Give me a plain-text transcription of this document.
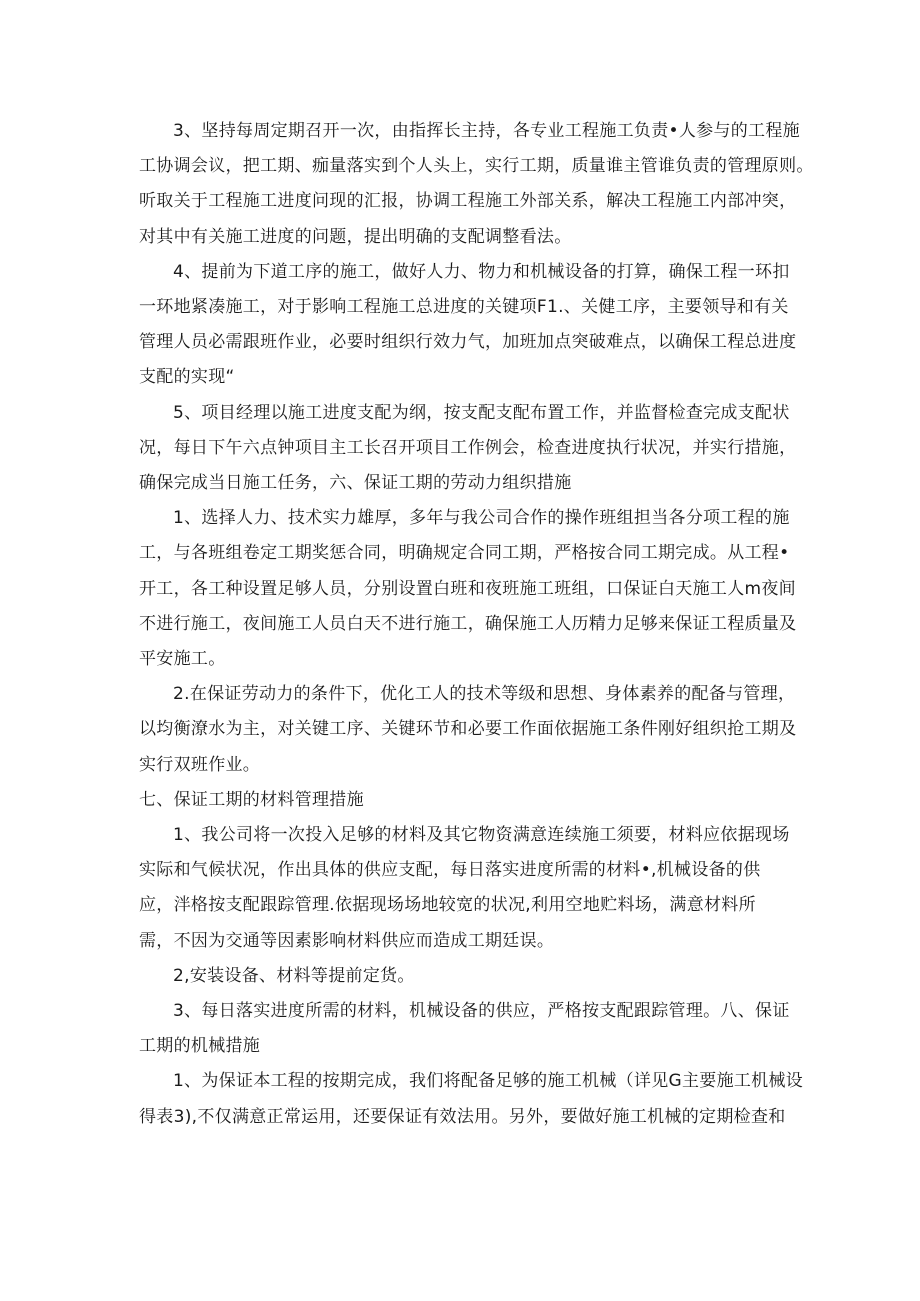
3、坚持每周定期召开一次，由指挥长主持，各专业工程施工负责•人参与的工程施
工协调会议，把工期、痂量落实到个人头上，实行工期，质量谁主管谁负责的管理原则。
听取关于工程施工进度问现的汇报，协调工程施工外部关系，解决工程施工内部冲突，
对其中有关施工进度的问题，提出明确的支配调整看法。

4、提前为下道工序的施工，做好人力、物力和机械设备的打算，确保工程一环扣
一环地紧凑施工，对于影响工程施工总进度的关键项F1.、关健工序，主要领导和有关
管理人员必需跟班作业，必要时组织行效力气，加班加点突破难点，以确保工程总进度
支配的实现“

5、项目经理以施工进度支配为纲，按支配支配布置工作，并监督检查完成支配状
况，每日下午六点钟项目主工长召开项目工作例会，检查进度执行状况，并实行措施，
确保完成当日施工任务，六、保证工期的劳动力组织措施

1、选择人力、技术实力雄厚，多年与我公司合作的操作班组担当各分项工程的施
工，与各班组卷定工期奖惩合同，明确规定合同工期，严格按合同工期完成。从工程•
开工，各工种设置足够人员，分别设置白班和夜班施工班组，口保证白天施工人m夜间
不进行施工，夜间施工人员白天不进行施工，确保施工人历精力足够来保证工程质量及
平安施工。

2.在保证劳动力的条件下，优化工人的技术等级和思想、身体素养的配备与管理，
以均衡潦水为主，对关键工序、关键环节和必要工作面依据施工条件刚好组织抢工期及
实行双班作业。

七、保证工期的材料管理措施

1、我公司将一次投入足够的材料及其它物资满意连续施工须要，材料应依据现场
实际和气候状况，作出具体的供应支配，每日落实进度所需的材料•,机械设备的供
应，泮格按支配跟踪管理.依据现场场地较宽的状况,利用空地贮料场，满意材料所
需，不因为交通等因素影响材料供应而造成工期廷误。

2,安装设备、材料等提前定货。

3、每日落实进度所需的材料，机械设备的供应，严格按支配跟踪管理。八、保证
工期的机械措施

1、为保证本工程的按期完成，我们将配备足够的施工机械（详见G主要施工机械设
得表3),不仅满意正常运用，还要保证有效法用。另外，要做好施工机械的定期检查和
